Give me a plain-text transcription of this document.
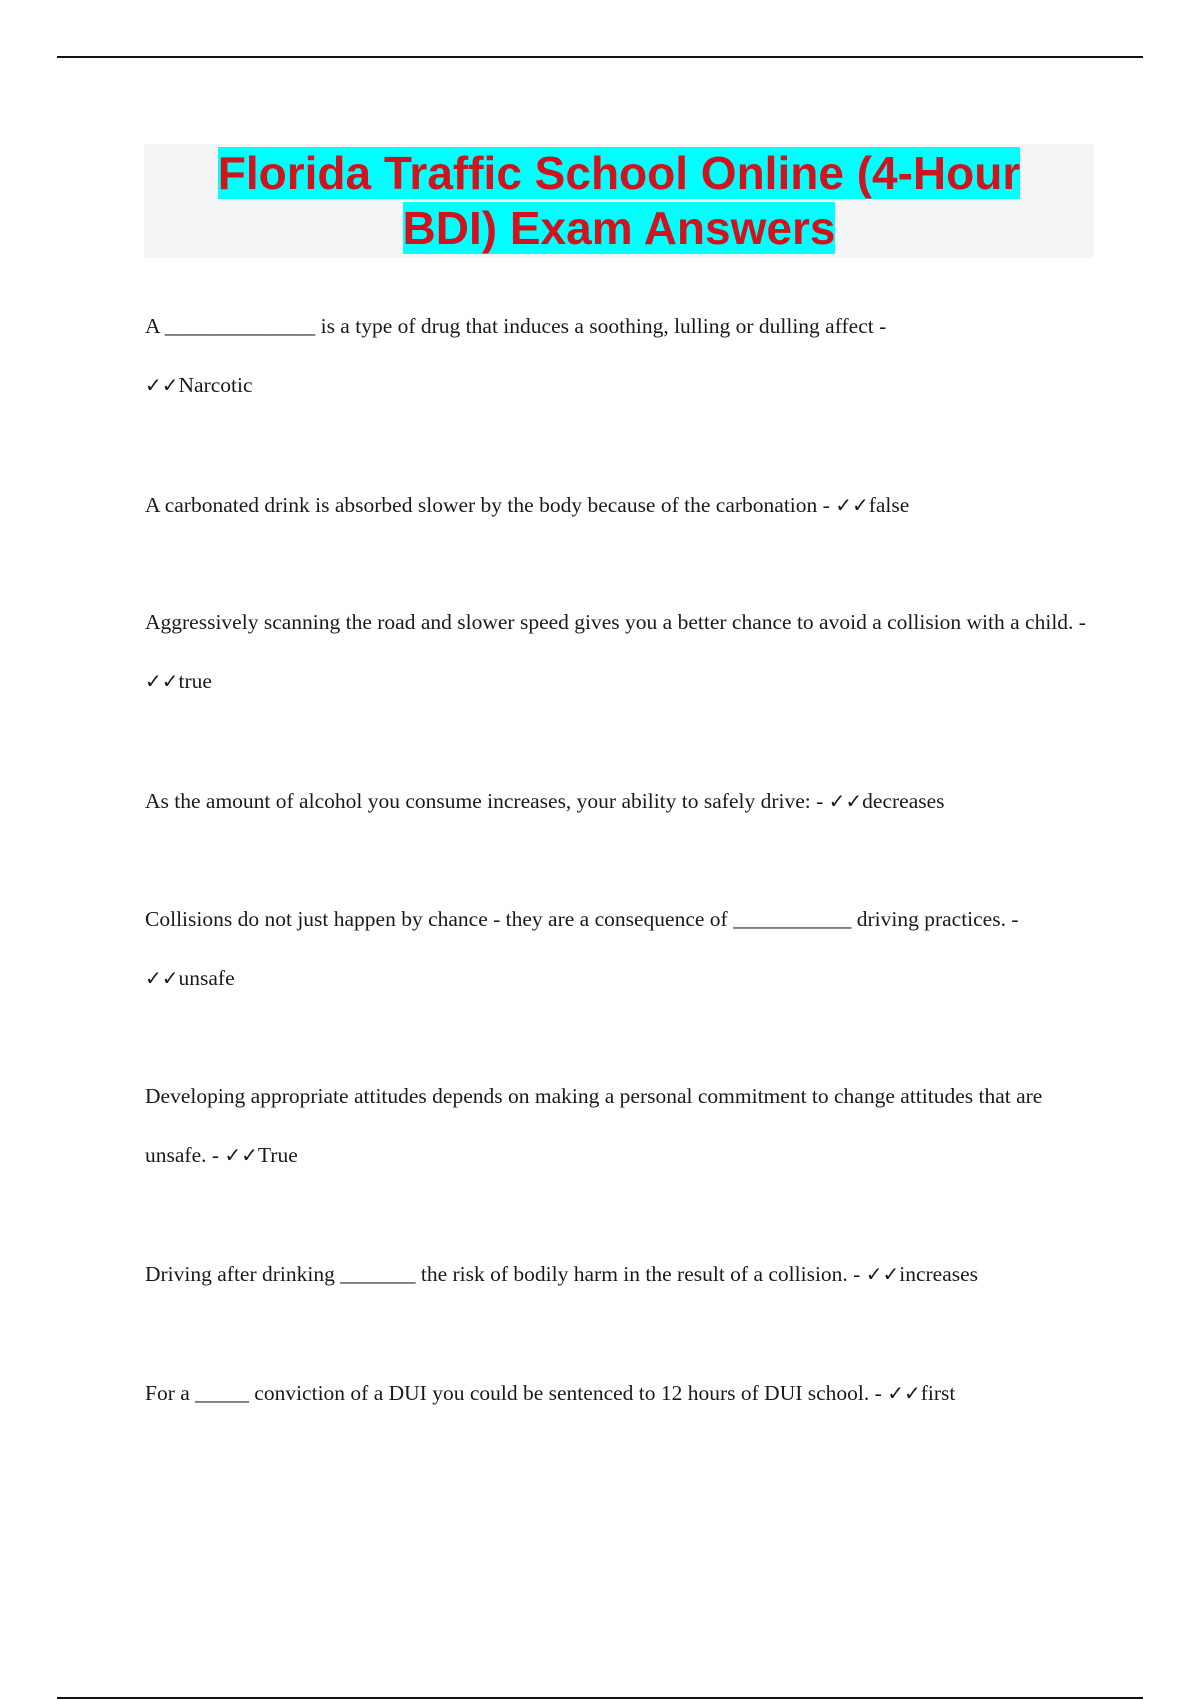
Florida Traffic School Online (4-Hour
BDI) Exam Answers

A ______________ is a type of drug that induces a soothing, lulling or dulling affect -
✓✓Narcotic

A carbonated drink is absorbed slower by the body because of the carbonation - ✓✓false

Aggressively scanning the road and slower speed gives you a better chance to avoid a collision with a child. - ✓✓true

As the amount of alcohol you consume increases, your ability to safely drive: - ✓✓decreases

Collisions do not just happen by chance - they are a consequence of ___________ driving practices. - ✓✓unsafe

Developing appropriate attitudes depends on making a personal commitment to change attitudes that are unsafe. - ✓✓True

Driving after drinking _______ the risk of bodily harm in the result of a collision. - ✓✓increases

For a _____ conviction of a DUI you could be sentenced to 12 hours of DUI school. - ✓✓first
